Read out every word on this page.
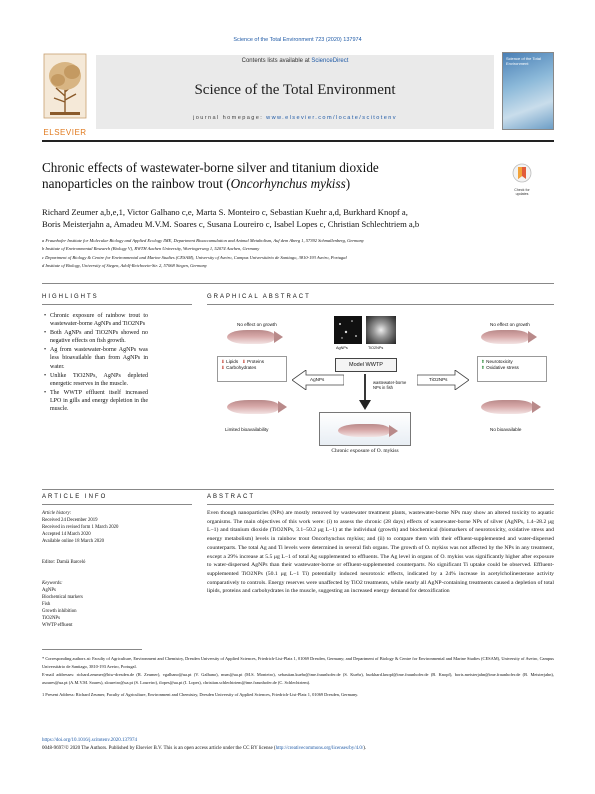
Science of the Total Environment 723 (2020) 137974
ELSEVIER
Contents lists available at ScienceDirect
Science of the Total Environment
journal homepage: www.elsevier.com/locate/scitotenv
Science of the Total Environment
Chronic effects of wastewater-borne silver and titanium dioxide
nanoparticles on the rainbow trout (Oncorhynchus mykiss)	Check for updates
Richard Zeumer a,b,e,1, Victor Galhano c,e, Marta S. Monteiro c, Sebastian Kuehr a,d, Burkhard Knopf a,
Boris Meisterjahn a, Amadeu M.V.M. Soares c, Susana Loureiro c, Isabel Lopes c, Christian Schlechtriem a,b
a Fraunhofer Institute for Molecular Biology and Applied Ecology IME, Department Bioaccumulation and Animal Metabolism, Auf dem Aberg 1, 57392 Schmallenberg, Germany
b Institute of Environmental Research (Biology V), RWTH Aachen University, Worringerweg 1, 52074 Aachen, Germany
c Department of Biology & Centre for Environmental and Marine Studies (CESAM), University of Aveiro, Campus Universitário de Santiago, 3810-193 Aveiro, Portugal
d Institute of Biology, University of Siegen, Adolf-Reichwein-Str. 2, 57068 Siegen, Germany
HIGHLIGHTS
• Chronic exposure of rainbow trout to wastewater-borne AgNPs and TiO2NPs
• Both AgNPs and TiO2NPs showed no negative effects on fish growth.
• Ag from wastewater-borne AgNPs was less bioavailable than from AgNPs in water.
• Unlike TiO2NPs, AgNPs depleted energetic reserves in the muscle.
• The WWTP effluent itself increased LPO in gills and energy depletion in the muscle.
GRAPHICAL ABSTRACT
No effect on growth
⬇ Lipids ⬇ Proteins
⬇ Carbohydrates
Limited bioavailability
AgNPs
AgNPs	TiO2NPs
Model WWTP
wastewater-borne NPs in fish
Chronic exposure of O. mykiss
TiO2NPs
No effect on growth
⬆ Neurotoxicity
⬆ Oxidative stress
No bioavailable
ARTICLE INFO
Article history:
Received 24 December 2019
Received in revised form 1 March 2020
Accepted 14 March 2020
Available online 18 March 2020
Editor: Damià Barceló
Keywords:
AgNPs
Biochemical markers
Fish
Growth inhibition
TiO2NPs
WWTP effluent
ABSTRACT
Even though nanoparticles (NPs) are mostly removed by wastewater treatment plants, wastewater-borne NPs may show an altered toxicity to aquatic organisms. The main objectives of this work were: (i) to assess the chronic (28 days) effects of wastewater-borne NPs of silver (AgNPs, 1.4–28.2 μg L−1) and titanium dioxide (TiO2NPs, 3.1–50.2 μg L−1) at the individual (growth) and biochemical (biomarkers of neurotoxicity, oxidative stress and energy metabolism) levels in rainbow trout Oncorhynchus mykiss; and (ii) to compare them with their effluent-supplemented and water-dispersed counterparts. The total Ag and Ti levels were determined in several fish organs. The growth of O. mykiss was not affected by the NPs in any treatment, except a 29% increase at 5.5 μg L−1 of total Ag supplemented to effluents. The Ag level in organs of O. mykiss was significantly higher after exposure to water-dispersed AgNPs than their wastewater-borne or effluent-supplemented counterparts. No significant Ti uptake could be observed. Effluent-supplemented TiO2NPs (50.1 μg L−1 Ti) potentially induced neurotoxic effects, indicated by a 24% increase in acetylcholinesterase activity comparatively to controls. Energy reserves were unaffected by TiO2 treatments, while nearly all AgNP-containing treatments caused a depletion of total lipids, proteins and carbohydrates in the muscle, suggesting an increased energy demand for detoxification
* Corresponding authors at: Faculty of Agriculture, Environment and Chemistry, Dresden University of Applied Sciences, Friedrich-List-Platz 1, 01069 Dresden, Germany; and Department of Biology & Centre for Environmental and Marine Studies (CESAM), University of Aveiro, Campus Universitário de Santiago, 3810-193 Aveiro, Portugal.
E-mail addresses: richard.zeumer@htw-dresden.de (R. Zeumer), vgalhano@ua.pt (V. Galhano), msm@ua.pt (M.S. Monteiro), sebastian.kuehr@ime.fraunhofer.de (S. Kuehr), burkhard.knopf@ime.fraunhofer.de (B. Knopf), boris.meisterjahn@ime.fraunhofer.de (B. Meisterjahn), asoares@ua.pt (A.M.V.M. Soares), sloureiro@ua.pt (S. Loureiro), ilopes@ua.pt (I. Lopes), christian.schlechtriem@ime.fraunhofer.de (C. Schlechtriem).
1 Present Address: Richard Zeumer, Faculty of Agriculture, Environment and Chemistry, Dresden University of Applied Sciences, Friedrich-List-Platz 1, 01069 Dresden, Germany.
https://doi.org/10.1016/j.scitotenv.2020.137974
0048-9697/© 2020 The Authors. Published by Elsevier B.V. This is an open access article under the CC BY license (http://creativecommons.org/licenses/by/4.0/).
